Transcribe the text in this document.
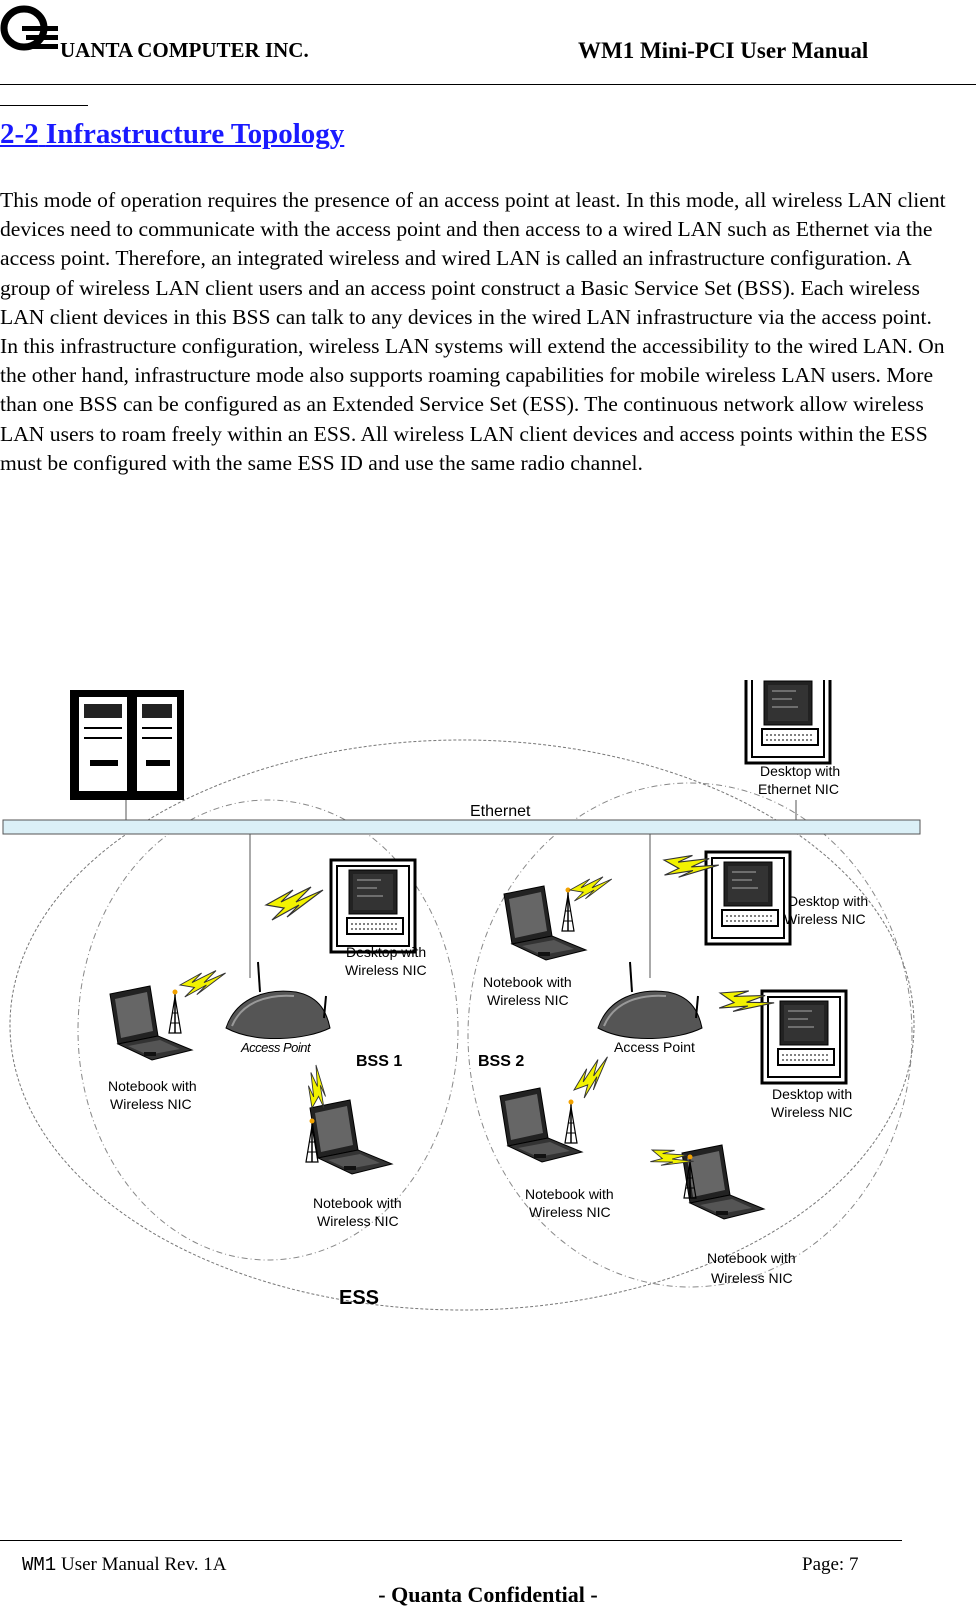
UANTA COMPUTER INC.	WM1 Mini-PCI User Manual
2-2 Infrastructure Topology

This mode of operation requires the presence of an access point at least. In this mode, all wireless LAN client devices need to communicate with the access point and then access to a wired LAN such as Ethernet via the access point. Therefore, an integrated wireless and wired LAN is called an infrastructure configuration. A group of wireless LAN client users and an access point construct a Basic Service Set (BSS). Each wireless LAN client devices in this BSS can talk to any devices in the wired LAN infrastructure via the access point. In this infrastructure configuration, wireless LAN systems will extend the accessibility to the wired LAN. On the other hand, infrastructure mode also supports roaming capabilities for mobile wireless LAN users. More than one BSS can be configured as an Extended Service Set (ESS). The continuous network allow wireless LAN users to roam freely within an ESS. All wireless LAN client devices and access points within the ESS must be configured with the same ESS ID and use the same radio channel.

Ethernet
Desktop with
Ethernet NIC
Desktop with
Wireless NIC
Access Point
Notebook with
Wireless NIC
Notebook with
Wireless NIC
BSS 1	BSS 2
Notebook with
Wireless NIC
Access Point
Desktop with
Wireless NIC
Desktop with
Wireless NIC
Notebook with
Wireless NIC
Notebook with
Wireless NIC
ESS
WM1 User Manual Rev. 1A	Page: 7
- Quanta Confidential -
